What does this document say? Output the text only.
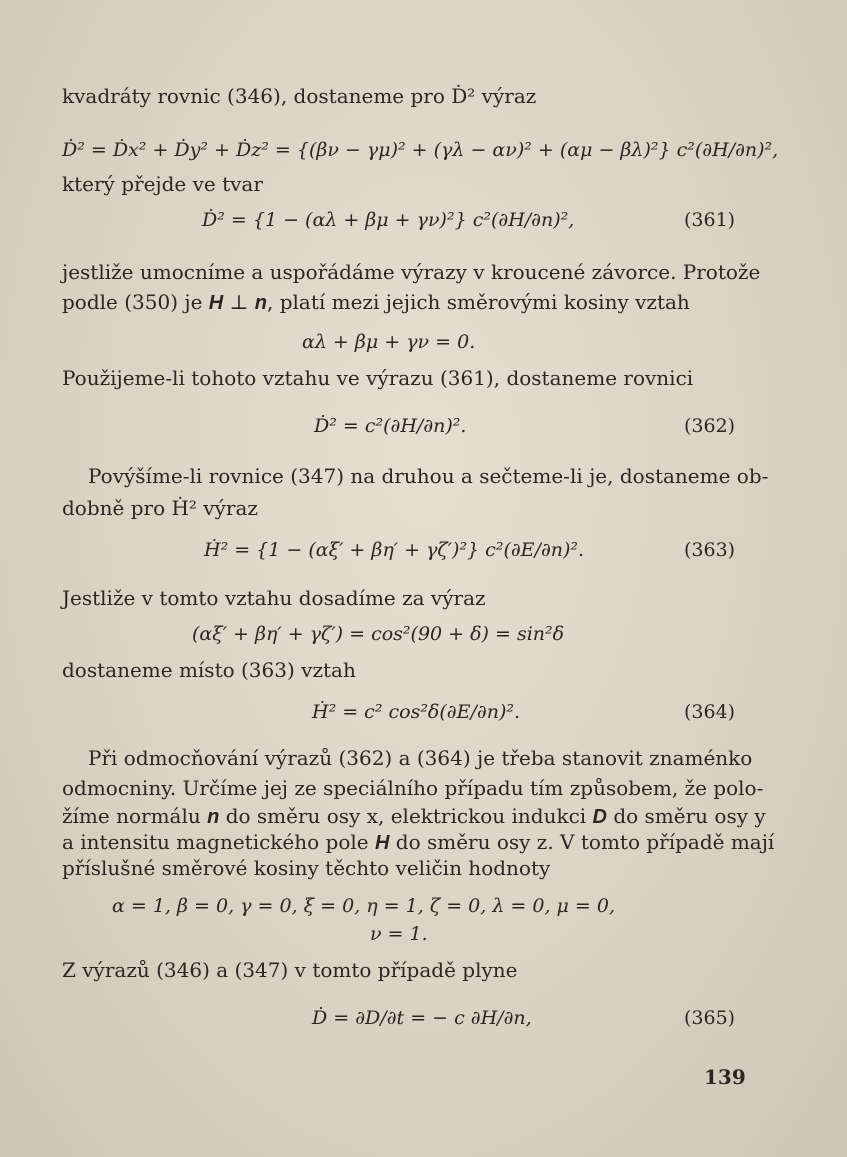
kvadráty rovnic (346), dostaneme pro Ḋ² výraz
Ḋ² = Ḋx² + Ḋy² + Ḋz² = {(βν − γμ)² + (γλ − αν)² + (αμ − βλ)²} c²(∂H/∂n)²,
který přejde ve tvar
Ḋ² = {1 − (αλ + βμ + γν)²} c²(∂H/∂n)²,	(361)
jestliže umocníme a uspořádáme výrazy v kroucené závorce. Protože
podle (350) je H ⊥ n, platí mezi jejich směrovými kosiny vztah
αλ + βμ + γν = 0.
Použijeme-li tohoto vztahu ve výrazu (361), dostaneme rovnici
Ḋ² = c²(∂H/∂n)².	(362)
Povýšíme-li rovnice (347) na druhou a sečteme-li je, dostaneme ob-
dobně pro Ḣ² výraz
Ḣ² = {1 − (αξ′ + βη′ + γζ′)²} c²(∂E/∂n)².	(363)
Jestliže v tomto vztahu dosadíme za výraz
(αξ′ + βη′ + γζ′) = cos²(90 + δ) = sin²δ
dostaneme místo (363) vztah
Ḣ² = c² cos²δ(∂E/∂n)².	(364)
Při odmocňování výrazů (362) a (364) je třeba stanovit znaménko
odmocniny. Určíme jej ze speciálního případu tím způsobem, že polo-
žíme normálu n do směru osy x, elektrickou indukci D do směru osy y
a intensitu magnetického pole H do směru osy z. V tomto případě mají
příslušné směrové kosiny těchto veličin hodnoty
α = 1, β = 0, γ = 0, ξ = 0, η = 1, ζ = 0, λ = 0, μ = 0,
ν = 1.
Z výrazů (346) a (347) v tomto případě plyne
Ḋ = ∂D/∂t = − c ∂H/∂n,	(365)
139
